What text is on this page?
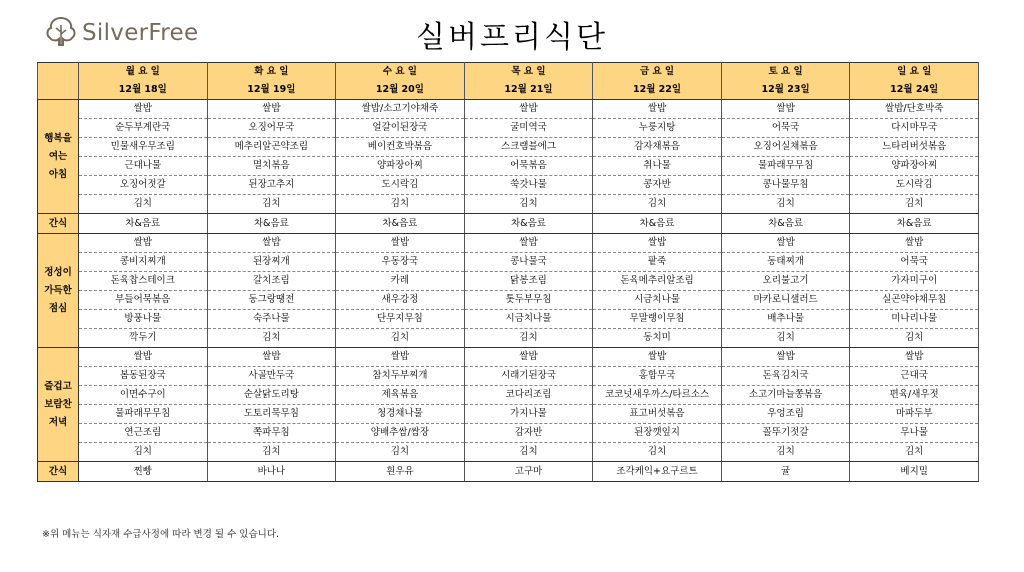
SilverFree	실버프리식단
	월 요 일	화 요 일	수 요 일	목 요 일	금 요 일	토 요 일	일 요 일
	12월 18일	12월 19일	12월 20일	12월 21일	12월 22일	12월 23일	12월 24일

행복을
여는
아침	쌀밥	쌀밥	쌀밥/소고기야채죽	쌀밥	쌀밥	쌀밥	쌀밥/단호박죽
	순두부계란국	오징어무국	얼갈이된장국	굴미역국	누룽지탕	어묵국	다시마무국
	민물새우무조림	메추리알곤약조림	베이컨호박볶음	스크램블에그	감자채볶음	오징어실채볶음	느타리버섯볶음
	근대나물	멸치볶음	양파장아찌	어묵볶음	취나물	물파래무무침	양파장아찌
	오징어젓갈	된장고추지	도시락김	쑥갓나물	콩자반	콩나물무침	도시락김
	김치	김치	김치	김치	김치	김치	김치
간식	차&음료	차&음료	차&음료	차&음료	차&음료	차&음료	차&음료

정성이
가득한
점심	쌀밥	쌀밥	쌀밥	쌀밥	쌀밥	쌀밥	쌀밥
	콩비지찌개	된장찌개	우동장국	콩나물국	팥죽	동태찌개	어묵국
	돈육찹스테이크	갈치조림	카레	닭봉조림	돈육메추리알조림	오리불고기	가자미구이
	부들어묵볶음	동그랑땡전	새우강정	톳두부무침	시금치나물	마카로니샐러드	실곤약야채무침
	방풍나물	숙주나물	단무지무침	시금치나물	무말랭이무침	배추나물	미나리나물
	깍두기	김치	김치	김치	동치미	김치	김치

즐겁고
보람찬
저녁	쌀밥	쌀밥	쌀밥	쌀밥	쌀밥	쌀밥	쌀밥
	봄동된장국	사골만두국	참치두부찌개	시래기된장국	홍합무국	돈육김치국	근대국
	이면수구이	순살닭도리탕	제육볶음	코다리조림	코코넛새우까스/타르소스	소고기마늘쫑볶음	편육/새우젓
	물파래무무침	도토리묵무침	청경채나물	가지나물	표고버섯볶음	우엉조림	마파두부
	연근조림	쪽파무침	양배추쌈/쌈장	감자반	된장깻잎지	꼴뚜기젓갈	무나물
	김치	김치	김치	김치	김치	김치	김치
간식	찐빵	바나나	흰우유	고구마	조각케익+요구르트	귤	베지밀
※위 메뉴는 식자재 수급사정에 따라 변경 될 수 있습니다.
